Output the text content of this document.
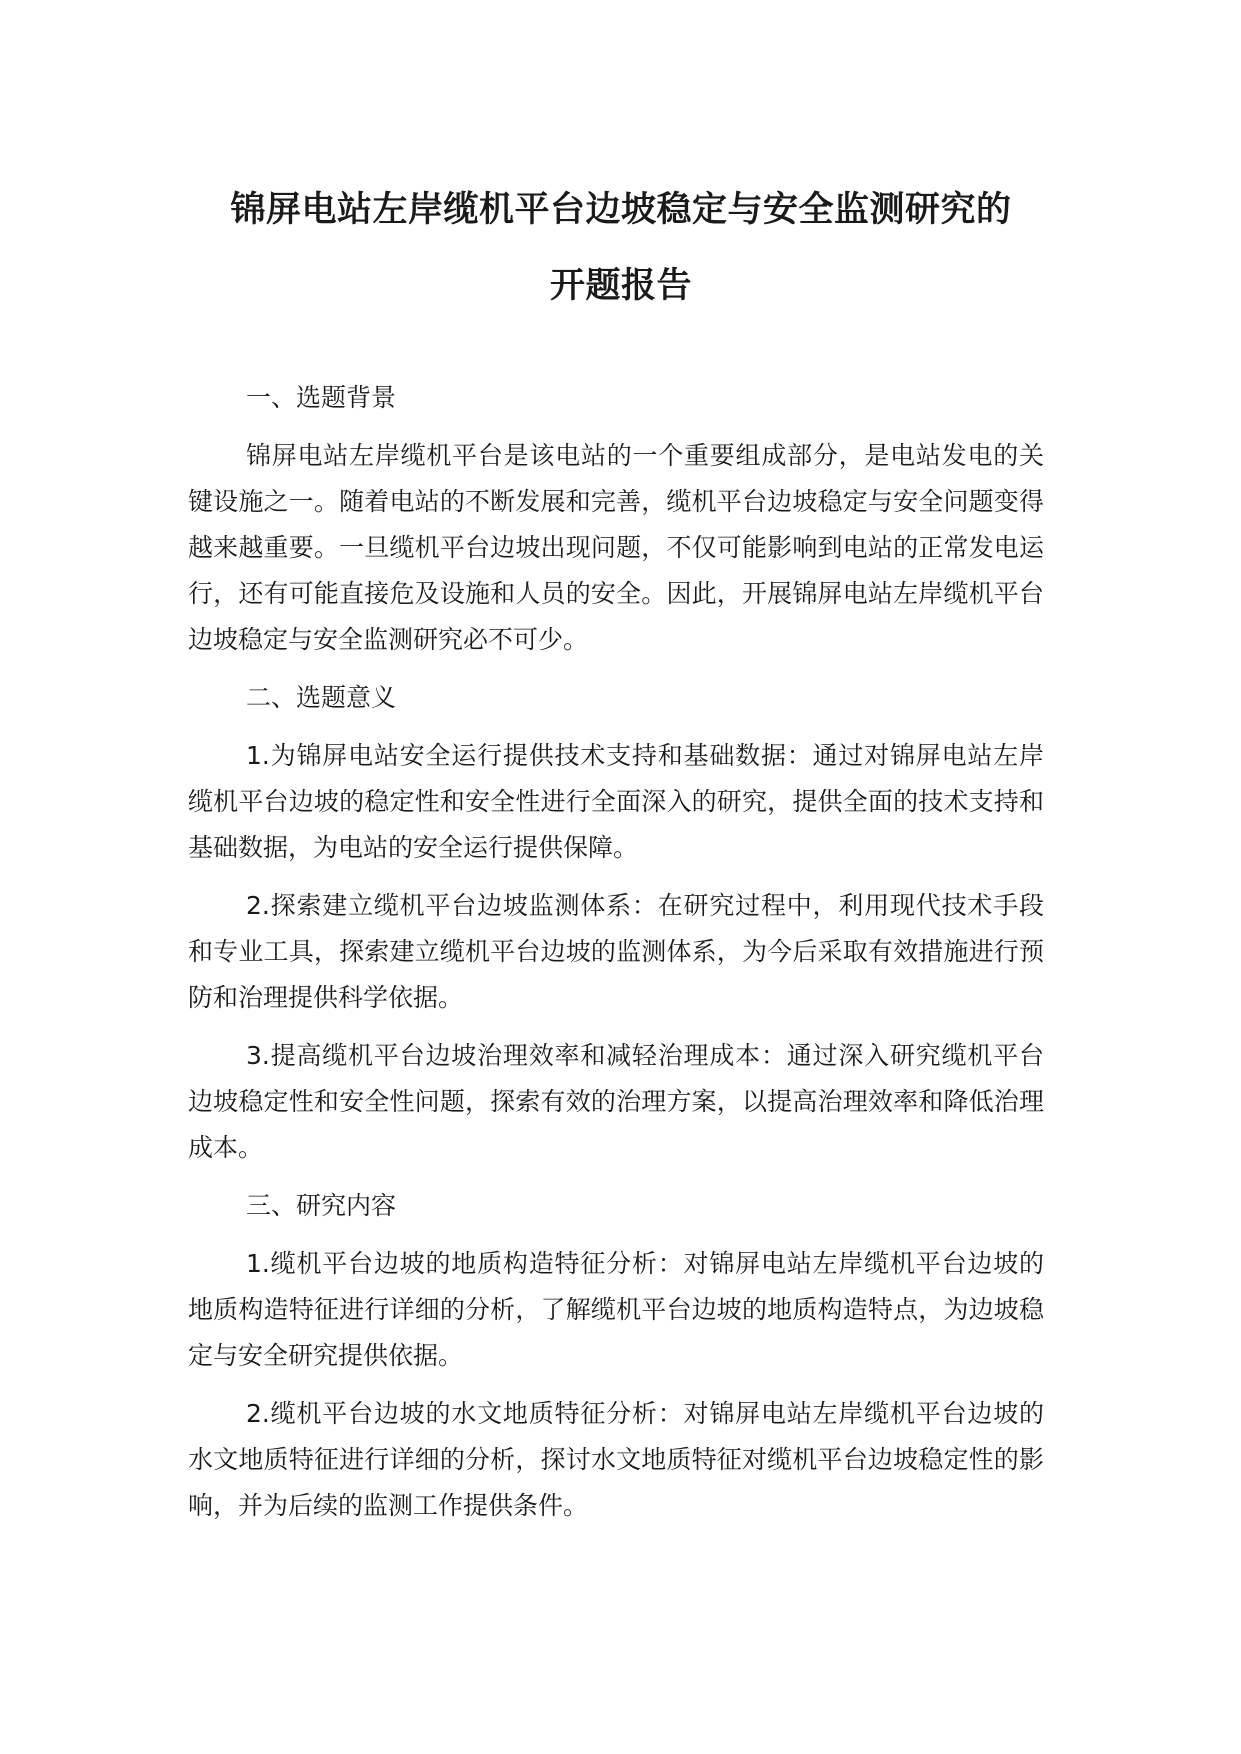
锦屏电站左岸缆机平台边坡稳定与安全监测研究的
开题报告

一、选题背景

锦屏电站左岸缆机平台是该电站的一个重要组成部分，是电站发电的关键设施之一。随着电站的不断发展和完善，缆机平台边坡稳定与安全问题变得越来越重要。一旦缆机平台边坡出现问题，不仅可能影响到电站的正常发电运行，还有可能直接危及设施和人员的安全。因此，开展锦屏电站左岸缆机平台边坡稳定与安全监测研究必不可少。

二、选题意义

1.为锦屏电站安全运行提供技术支持和基础数据：通过对锦屏电站左岸缆机平台边坡的稳定性和安全性进行全面深入的研究，提供全面的技术支持和基础数据，为电站的安全运行提供保障。

2.探索建立缆机平台边坡监测体系：在研究过程中，利用现代技术手段和专业工具，探索建立缆机平台边坡的监测体系，为今后采取有效措施进行预防和治理提供科学依据。

3.提高缆机平台边坡治理效率和减轻治理成本：通过深入研究缆机平台边坡稳定性和安全性问题，探索有效的治理方案，以提高治理效率和降低治理成本。

三、研究内容

1.缆机平台边坡的地质构造特征分析：对锦屏电站左岸缆机平台边坡的地质构造特征进行详细的分析，了解缆机平台边坡的地质构造特点，为边坡稳定与安全研究提供依据。

2.缆机平台边坡的水文地质特征分析：对锦屏电站左岸缆机平台边坡的水文地质特征进行详细的分析，探讨水文地质特征对缆机平台边坡稳定性的影响，并为后续的监测工作提供条件。
